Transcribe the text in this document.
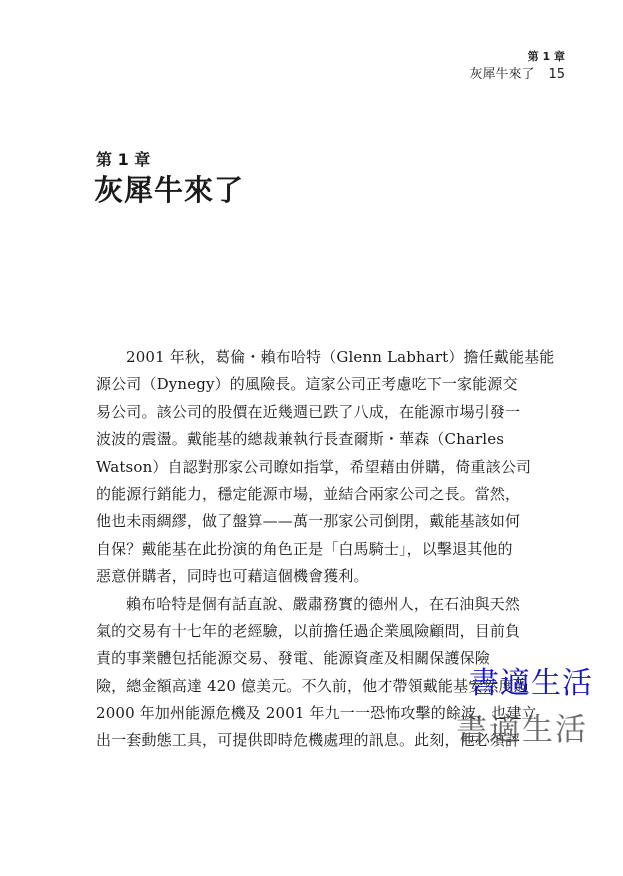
第 1 章
灰犀牛來了 15
第 1 章
灰犀牛來了
2001 年秋，葛倫・賴布哈特（Glenn Labhart）擔任戴能基能
源公司（Dynegy）的風險長。這家公司正考慮吃下一家能源交
易公司。該公司的股價在近幾週已跌了八成，在能源市場引發一
波波的震盪。戴能基的總裁兼執行長查爾斯・華森（Charles
Watson）自認對那家公司瞭如指掌，希望藉由併購，倚重該公司
的能源行銷能力，穩定能源市場，並結合兩家公司之長。當然，
他也未雨綢繆，做了盤算——萬一那家公司倒閉，戴能基該如何
自保？戴能基在此扮演的角色正是「白馬騎士」，以擊退其他的
惡意併購者，同時也可藉這個機會獲利。
賴布哈特是個有話直說、嚴肅務實的德州人，在石油與天然
氣的交易有十七年的老經驗，以前擔任過企業風險顧問，目前負
責的事業體包括能源交易、發電、能源資產及相關保護保險
險，總金額高達 420 億美元。不久前，他才帶領戴能基安然度過
2000 年加州能源危機及 2001 年九一一恐怖攻擊的餘波，也建立
出一套動態工具，可提供即時危機處理的訊息。此刻，他必須評
書適生活
書適生活
